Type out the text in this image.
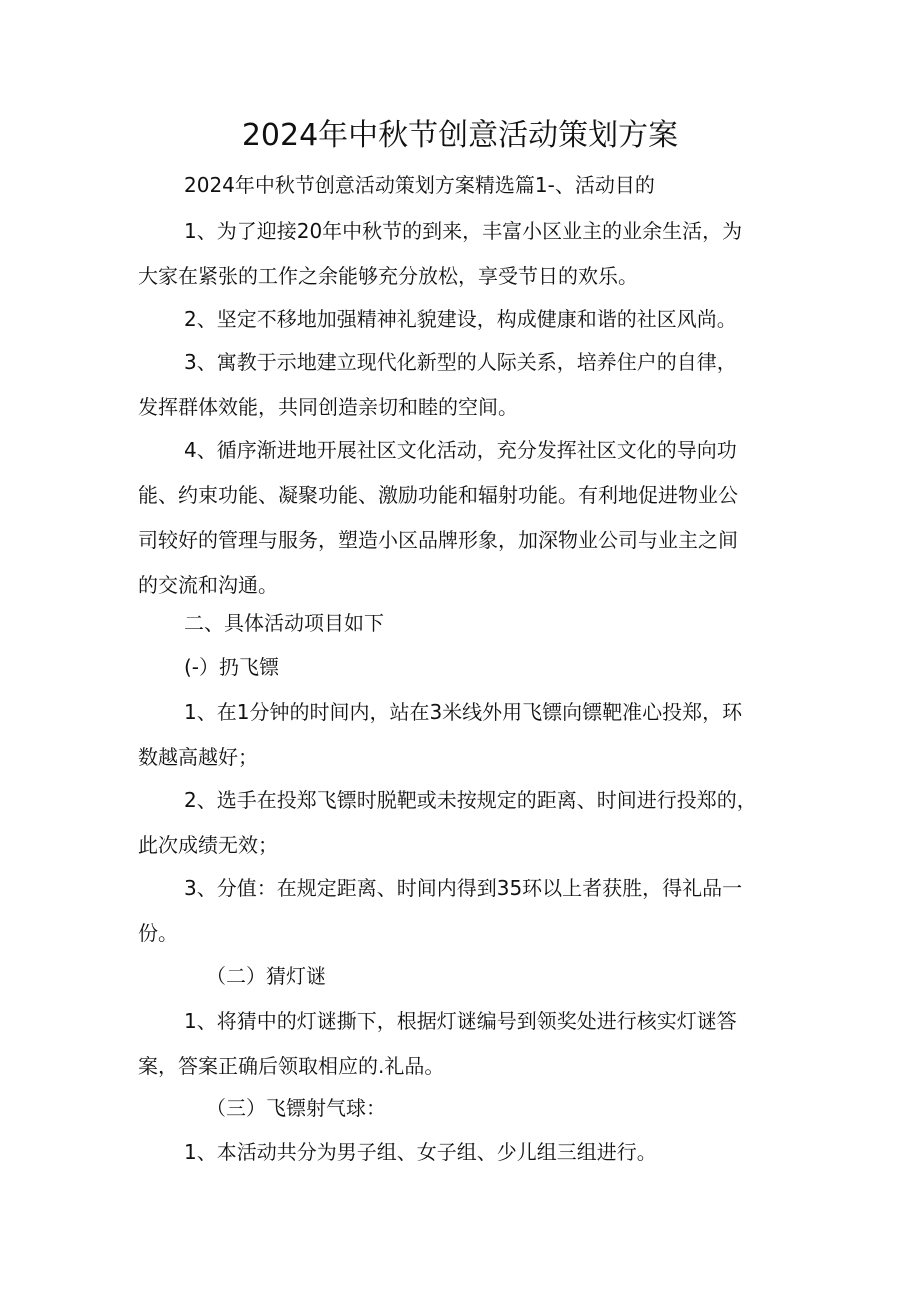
2024年中秋节创意活动策划方案
2024年中秋节创意活动策划方案精选篇1-、活动目的
1、为了迎接20年中秋节的到来，丰富小区业主的业余生活，为
大家在紧张的工作之余能够充分放松，享受节日的欢乐。
2、坚定不移地加强精神礼貌建设，构成健康和谐的社区风尚。
3、寓教于示地建立现代化新型的人际关系，培养住户的自律，
发挥群体效能，共同创造亲切和睦的空间。
4、循序渐进地开展社区文化活动，充分发挥社区文化的导向功
能、约束功能、凝聚功能、激励功能和辐射功能。有利地促进物业公
司较好的管理与服务，塑造小区品牌形象，加深物业公司与业主之间
的交流和沟通。
二、具体活动项目如下
(-）扔飞镖
1、在1分钟的时间内，站在3米线外用飞镖向镖靶准心投郑，环
数越高越好；
2、选手在投郑飞镖时脱靶或未按规定的距离、时间进行投郑的，
此次成绩无效；
3、分值：在规定距离、时间内得到35环以上者获胜，得礼品一
份。
（二）猜灯谜
1、将猜中的灯谜撕下，根据灯谜编号到领奖处进行核实灯谜答
案，答案正确后领取相应的.礼品。
（三）飞镖射气球：
1、本活动共分为男子组、女子组、少儿组三组进行。
